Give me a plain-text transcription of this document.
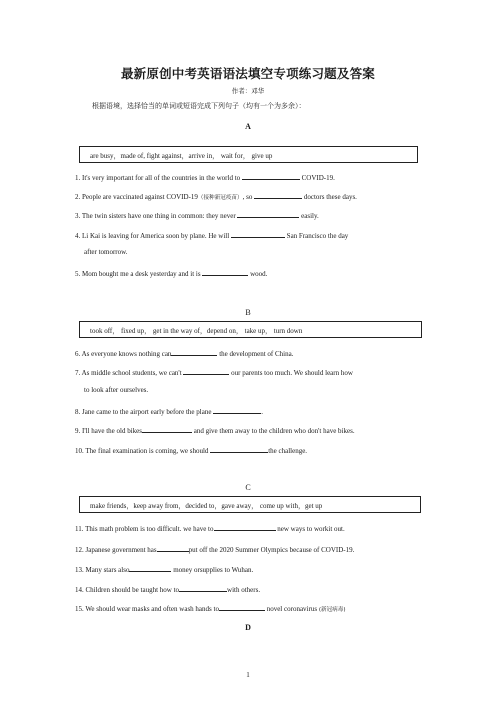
最新原创中考英语语法填空专项练习题及答案
作者：邓华
根据语境，选择恰当的单词或短语完成下列句子（均有一个为多余）：
A
are busy，made of, fight against，arrive in， wait for， give up
1. It's very important for all of the countries in the world to	COVID-19.
2. People are vaccinated against COVID-19（接种新冠疫苗）, so	doctors these days.
3. The twin sisters have one thing in common: they never	easily.
4. Li Kai is leaving for America soon by plane. He will	San Francisco the day
after tomorrow.
5. Mom bought me a desk yesterday and it is	wood.
B
took off， fixed up， get in the way of，depend on， take up， turn down
6. As everyone knows nothing can	the development of China.
7. As middle school students, we can't	our parents too much. We should learn how
to look after ourselves.
8. Jane came to the airport early before the plane	.
9. I'll have the old bikes	and give them away to the children who don't have bikes.
10. The final examination is coming, we should	the challenge.
C
make friends，keep away from，decided to，gave away， come up with，get up
11. This math problem is too difficult. we have to	new ways to workit out.
12. Japanese government has	put off the 2020 Summer Olympics because of COVID-19.
13. Many stars also	money orsupplies to Wuhan.
14. Children should be taught how to	with others.
15. We should wear masks and often wash hands to	novel coronavirus (新冠病毒)
D
1
